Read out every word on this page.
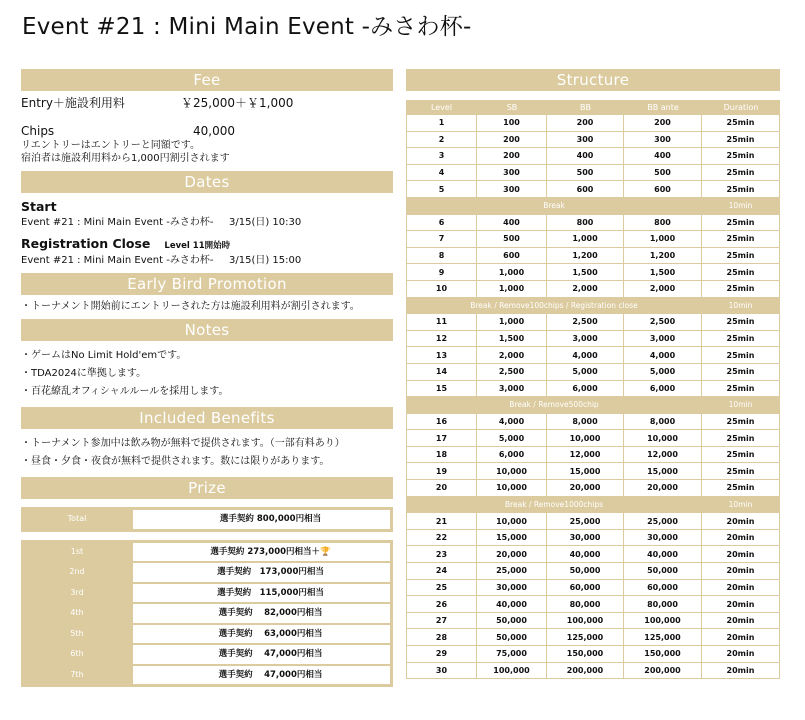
Event #21 : Mini Main Event -みさわ杯-
Fee
Entry＋施設利用料	￥25,000＋￥1,000
Chips	40,000
リエントリーはエントリーと同額です。
宿泊者は施設利用料から1,000円割引されます
Dates
Start
Event #21 : Mini Main Event -みさわ杯-	3/15(日) 10:30
Registration Close Level 11開始時
Event #21 : Mini Main Event -みさわ杯-	3/15(日) 15:00
Early Bird Promotion
・トーナメント開始前にエントリーされた方は施設利用料が割引されます。
Notes
・ゲームはNo Limit Hold'emです。
・TDA2024に準拠します。
・百花繚乱オフィシャルルールを採用します。
Included Benefits
・トーナメント参加中は飲み物が無料で提供されます。（一部有料あり）
・昼食・夕食・夜食が無料で提供されます。数には限りがあります。
Prize
Total	選手契約 800,000円相当
1st	選手契約 273,000円相当＋🏆
2nd	選手契約　173,000円相当
3rd	選手契約　115,000円相当
4th	選手契約　 82,000円相当
5th	選手契約　 63,000円相当
6th	選手契約　 47,000円相当
7th	選手契約　 47,000円相当
Structure
Level	SB	BB	BB ante	Duration
1	100	200	200	25min
2	200	300	300	25min
3	200	400	400	25min
4	300	500	500	25min
5	300	600	600	25min
Break				10min
6	400	800	800	25min
7	500	1,000	1,000	25min
8	600	1,200	1,200	25min
9	1,000	1,500	1,500	25min
10	1,000	2,000	2,000	25min
Break / Remove100chips / Registration close				10min
11	1,000	2,500	2,500	25min
12	1,500	3,000	3,000	25min
13	2,000	4,000	4,000	25min
14	2,500	5,000	5,000	25min
15	3,000	6,000	6,000	25min
Break / Remove500chip				10min
16	4,000	8,000	8,000	25min
17	5,000	10,000	10,000	25min
18	6,000	12,000	12,000	25min
19	10,000	15,000	15,000	25min
20	10,000	20,000	20,000	25min
Break / Remove1000chips				10min
21	10,000	25,000	25,000	20min
22	15,000	30,000	30,000	20min
23	20,000	40,000	40,000	20min
24	25,000	50,000	50,000	20min
25	30,000	60,000	60,000	20min
26	40,000	80,000	80,000	20min
27	50,000	100,000	100,000	20min
28	50,000	125,000	125,000	20min
29	75,000	150,000	150,000	20min
30	100,000	200,000	200,000	20min
